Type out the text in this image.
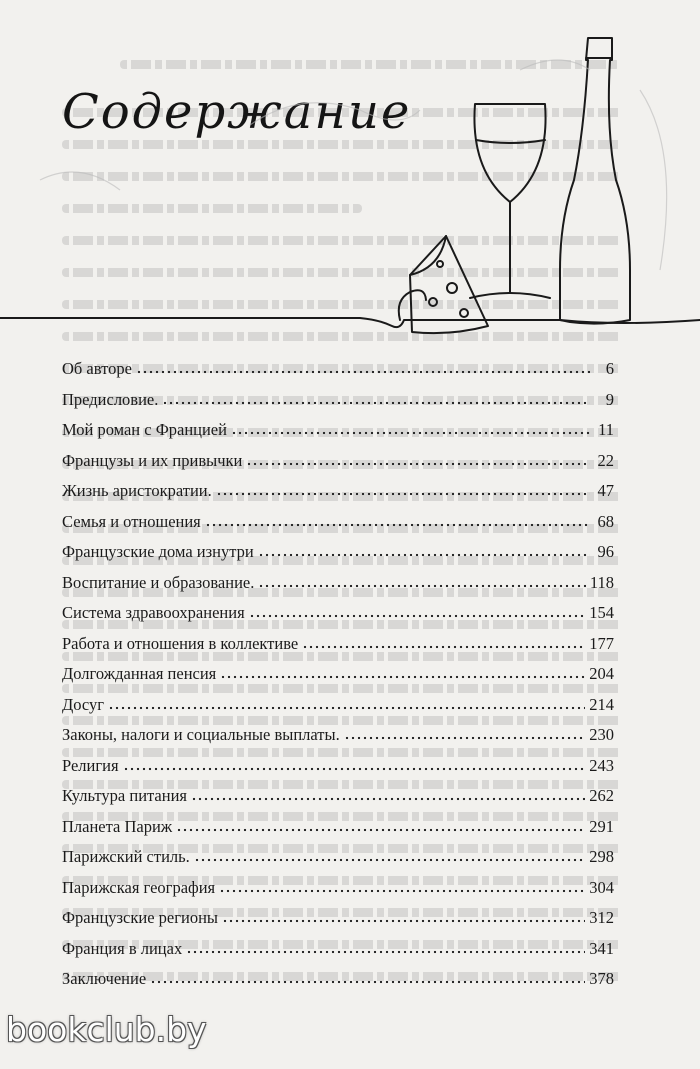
Содержание
Об авторе	6
Предисловие.	9
Мой роман с Францией	11
Французы и их привычки	22
Жизнь аристократии.	47
Семья и отношения	68
Французские дома изнутри	96
Воспитание и образование.	118
Система здравоохранения	154
Работа и отношения в коллективе	177
Долгожданная пенсия	204
Досуг	214
Законы, налоги и социальные выплаты.	230
Религия	243
Культура питания	262
Планета Париж	291
Парижский стиль.	298
Парижская география	304
Французские регионы	312
Франция в лицах	341
Заключение	378
bookclub.by
